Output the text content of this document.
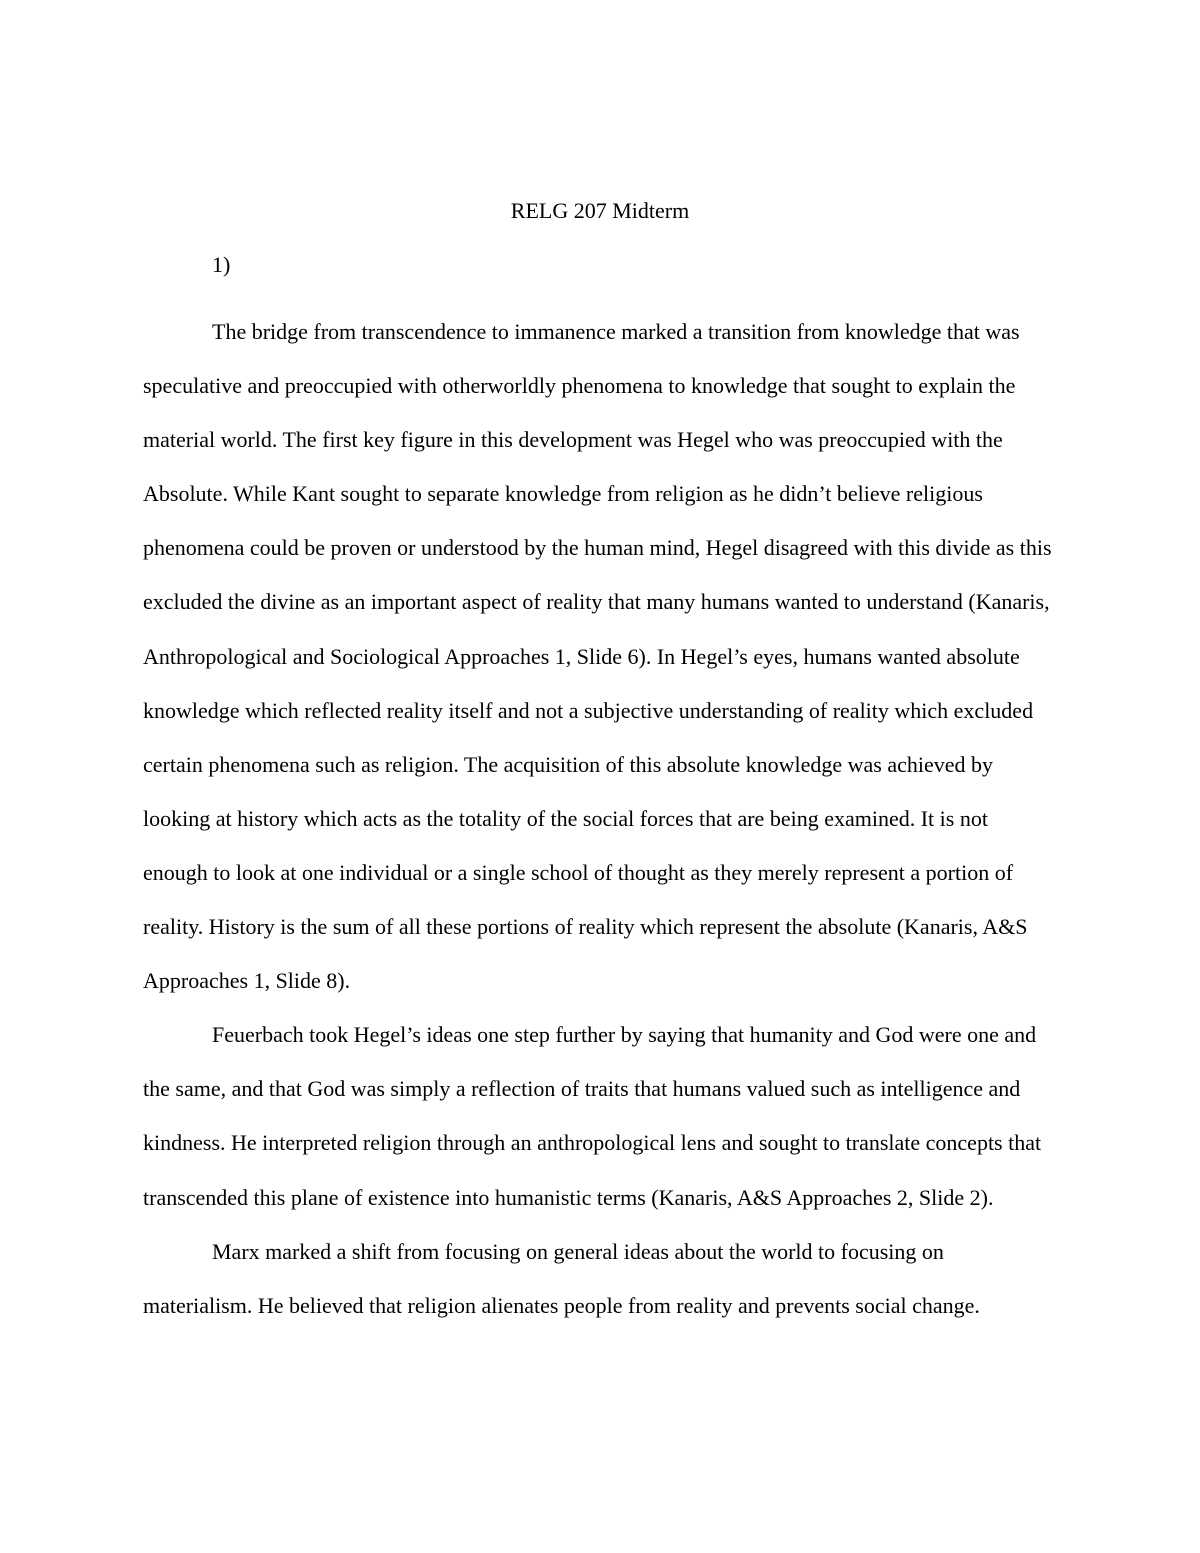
RELG 207 Midterm
1)

The bridge from transcendence to immanence marked a transition from knowledge that was speculative and preoccupied with otherworldly phenomena to knowledge that sought to explain the material world. The first key figure in this development was Hegel who was preoccupied with the Absolute. While Kant sought to separate knowledge from religion as he didn’t believe religious phenomena could be proven or understood by the human mind, Hegel disagreed with this divide as this excluded the divine as an important aspect of reality that many humans wanted to understand (Kanaris, Anthropological and Sociological Approaches 1, Slide 6). In Hegel’s eyes, humans wanted absolute knowledge which reflected reality itself and not a subjective understanding of reality which excluded certain phenomena such as religion. The acquisition of this absolute knowledge was achieved by looking at history which acts as the totality of the social forces that are being examined. It is not enough to look at one individual or a single school of thought as they merely represent a portion of reality. History is the sum of all these portions of reality which represent the absolute (Kanaris, A&S Approaches 1, Slide 8).

Feuerbach took Hegel’s ideas one step further by saying that humanity and God were one and the same, and that God was simply a reflection of traits that humans valued such as intelligence and kindness. He interpreted religion through an anthropological lens and sought to translate concepts that transcended this plane of existence into humanistic terms (Kanaris, A&S Approaches 2, Slide 2).

Marx marked a shift from focusing on general ideas about the world to focusing on materialism. He believed that religion alienates people from reality and prevents social change.
